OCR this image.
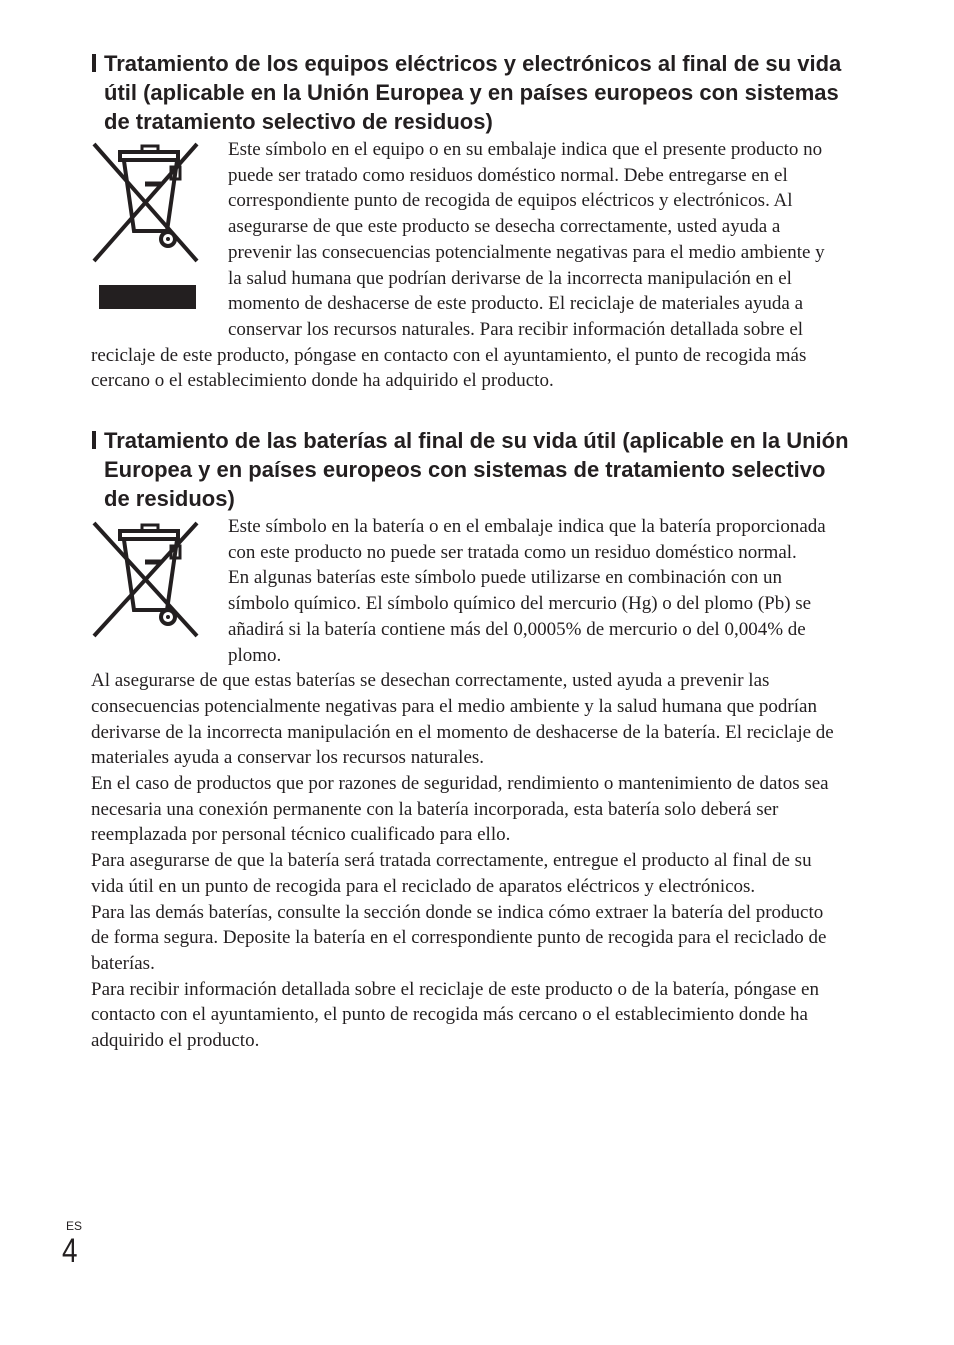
Tratamiento de los equipos eléctricos y electrónicos al final de su vida útil (aplicable en la Unión Europea y en países europeos con sistemas de tratamiento selectivo de residuos)

Este símbolo en el equipo o en su embalaje indica que el presente producto no puede ser tratado como residuos doméstico normal. Debe entregarse en el correspondiente punto de recogida de equipos eléctricos y electrónicos. Al asegurarse de que este producto se desecha correctamente, usted ayuda a prevenir las consecuencias potencialmente negativas para el medio ambiente y la salud humana que podrían derivarse de la incorrecta manipulación en el momento de deshacerse de este producto. El reciclaje de materiales ayuda a conservar los recursos naturales. Para recibir información detallada sobre el reciclaje de este producto, póngase en contacto con el ayuntamiento, el punto de recogida más cercano o el establecimiento donde ha adquirido el producto.

Tratamiento de las baterías al final de su vida útil (aplicable en la Unión Europea y en países europeos con sistemas de tratamiento selectivo de residuos)

Este símbolo en la batería o en el embalaje indica que la batería proporcionada con este producto no puede ser tratada como un residuo doméstico normal.

En algunas baterías este símbolo puede utilizarse en combinación con un símbolo químico. El símbolo químico del mercurio (Hg) o del plomo (Pb) se añadirá si la batería contiene más del 0,0005% de mercurio o del 0,004% de plomo.

Al asegurarse de que estas baterías se desechan correctamente, usted ayuda a prevenir las consecuencias potencialmente negativas para el medio ambiente y la salud humana que podrían derivarse de la incorrecta manipulación en el momento de deshacerse de la batería. El reciclaje de materiales ayuda a conservar los recursos naturales.

En el caso de productos que por razones de seguridad, rendimiento o mantenimiento de datos sea necesaria una conexión permanente con la batería incorporada, esta batería solo deberá ser reemplazada por personal técnico cualificado para ello.

Para asegurarse de que la batería será tratada correctamente, entregue el producto al final de su vida útil en un punto de recogida para el reciclado de aparatos eléctricos y electrónicos.

Para las demás baterías, consulte la sección donde se indica cómo extraer la batería del producto de forma segura. Deposite la batería en el correspondiente punto de recogida para el reciclado de baterías.

Para recibir información detallada sobre el reciclaje de este producto o de la batería, póngase en contacto con el ayuntamiento, el punto de recogida más cercano o el establecimiento donde ha adquirido el producto.

ES
4
